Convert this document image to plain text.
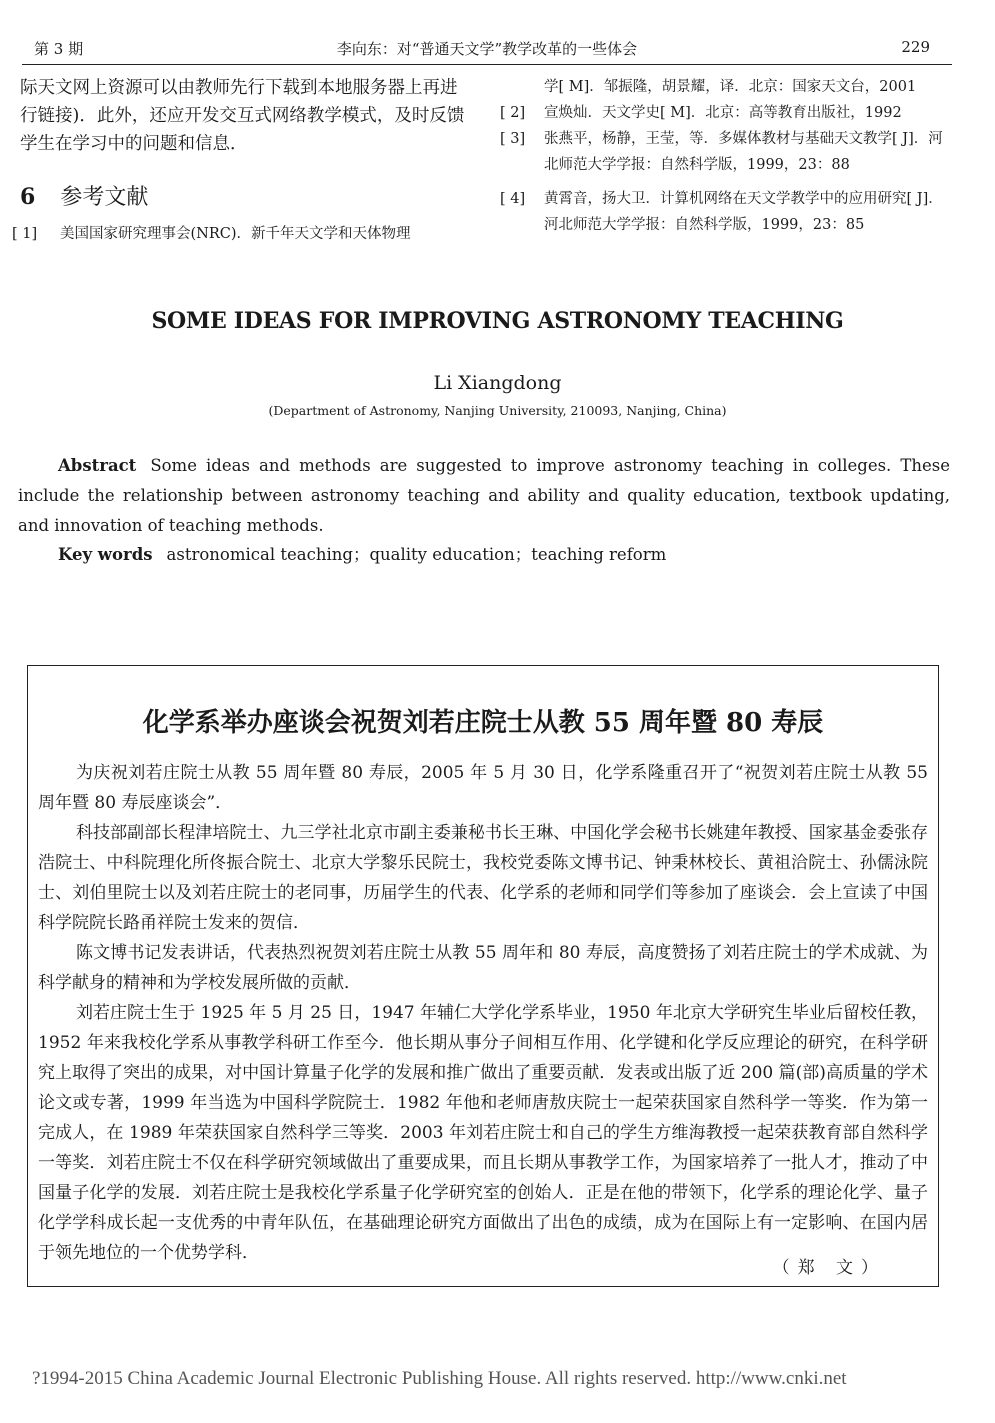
第 3 期	李向东：对“普通天文学”教学改革的一些体会	229
际天文网上资源可以由教师先行下载到本地服务器上再进行链接)．此外，还应开发交互式网络教学模式，及时反馈学生在学习中的问题和信息．
6 参考文献
[ 1] 美国国家研究理事会(NRC)．新千年天文学和天体物理
学[ M]．邹振隆，胡景耀，译．北京：国家天文台，2001
[ 2] 宣焕灿．天文学史[ M]．北京：高等教育出版社，1992
[ 3] 张燕平，杨静，王莹，等．多媒体教材与基础天文教学[ J]．河北师范大学学报：自然科学版，1999，23：88
[ 4] 黄霄音，扬大卫．计算机网络在天文学教学中的应用研究[ J]．河北师范大学学报：自然科学版，1999，23：85
SOME IDEAS FOR IMPROVING ASTRONOMY TEACHING
Li Xiangdong
(Department of Astronomy, Nanjing University, 210093, Nanjing, China)
Abstract Some ideas and methods are suggested to improve astronomy teaching in colleges. These include the relationship between astronomy teaching and ability and quality education, textbook updating, and innovation of teaching methods.
Key words astronomical teaching；quality education；teaching reform
化学系举办座谈会祝贺刘若庄院士从教 55 周年暨 80 寿辰

为庆祝刘若庄院士从教 55 周年暨 80 寿辰，2005 年 5 月 30 日，化学系隆重召开了“祝贺刘若庄院士从教 55 周年暨 80 寿辰座谈会”．

科技部副部长程津培院士、九三学社北京市副主委兼秘书长王琳、中国化学会秘书长姚建年教授、国家基金委张存浩院士、中科院理化所佟振合院士、北京大学黎乐民院士，我校党委陈文博书记、钟秉林校长、黄祖洽院士、孙儒泳院士、刘伯里院士以及刘若庄院士的老同事，历届学生的代表、化学系的老师和同学们等参加了座谈会．会上宣读了中国科学院院长路甬祥院士发来的贺信．

陈文博书记发表讲话，代表热烈祝贺刘若庄院士从教 55 周年和 80 寿辰，高度赞扬了刘若庄院士的学术成就、为科学献身的精神和为学校发展所做的贡献．

刘若庄院士生于 1925 年 5 月 25 日，1947 年辅仁大学化学系毕业，1950 年北京大学研究生毕业后留校任教，1952 年来我校化学系从事教学科研工作至今．他长期从事分子间相互作用、化学键和化学反应理论的研究，在科学研究上取得了突出的成果，对中国计算量子化学的发展和推广做出了重要贡献．发表或出版了近 200 篇(部)高质量的学术论文或专著，1999 年当选为中国科学院院士．1982 年他和老师唐敖庆院士一起荣获国家自然科学一等奖．作为第一完成人，在 1989 年荣获国家自然科学三等奖．2003 年刘若庄院士和自己的学生方维海教授一起荣获教育部自然科学一等奖．刘若庄院士不仅在科学研究领域做出了重要成果，而且长期从事教学工作，为国家培养了一批人才，推动了中国量子化学的发展．刘若庄院士是我校化学系量子化学研究室的创始人．正是在他的带领下，化学系的理论化学、量子化学学科成长起一支优秀的中青年队伍，在基础理论研究方面做出了出色的成绩，成为在国际上有一定影响、在国内居于领先地位的一个优势学科．

（郑 文）
?1994-2015 China Academic Journal Electronic Publishing House. All rights reserved. http://www.cnki.net
